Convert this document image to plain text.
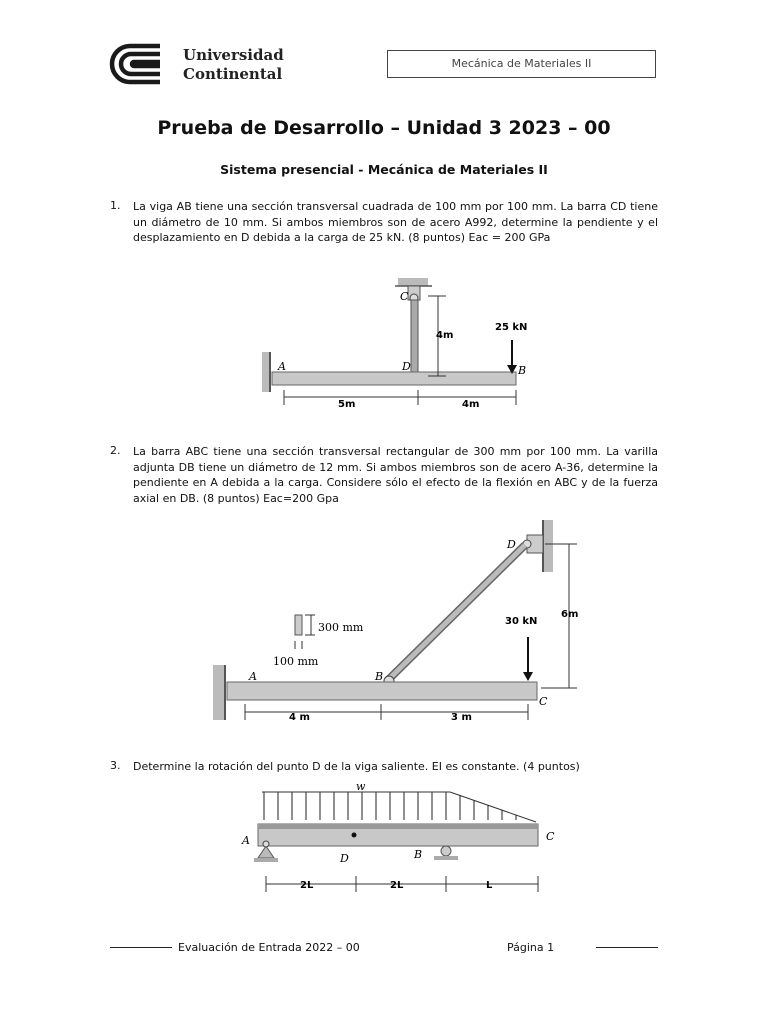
Universidad
Continental
Mecánica de Materiales II
Prueba de Desarrollo – Unidad 3 2023 – 00
Sistema presencial - Mecánica de Materiales II
1. La viga AB tiene una sección transversal cuadrada de 100 mm por 100 mm. La barra CD tiene un diámetro de 10 mm. Si ambos miembros son de acero A992, determine la pendiente y el desplazamiento en D debida a la carga de 25 kN. (8 puntos) Eac = 200 GPa
C
D
A	B
4m
25 kN
5m	4m
2. La barra ABC tiene una sección transversal rectangular de 300 mm por 100 mm. La varilla adjunta DB tiene un diámetro de 12 mm. Si ambos miembros son de acero A-36, determine la pendiente en A debida a la carga. Considere sólo el efecto de la flexión en ABC y de la fuerza axial en DB. (8 puntos) Eac=200 Gpa
D
A	B
C
300 mm
100 mm
30 kN
6m
4 m	3 m
3. Determine la rotación del punto D de la viga saliente. EI es constante. (4 puntos)
w
A
B
C
D
2L	2L	L
Evaluación de Entrada 2022 – 00	Página 1
